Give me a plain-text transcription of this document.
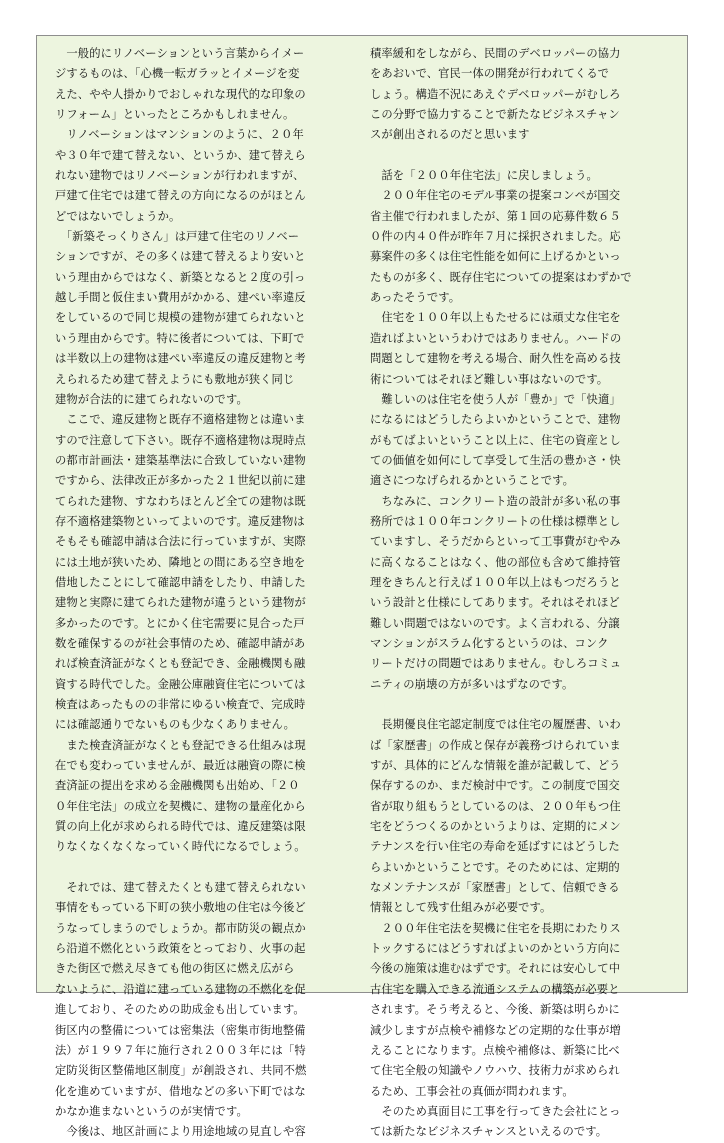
　一般的にリノベーションという言葉からイメー
ジするものは、「心機一転ガラッとイメージを変
えた、やや人掛かりでおしゃれな現代的な印象の
リフォーム」といったところかもしれません。
　リノベーションはマンションのように、２０年
や３０年で建て替えない、というか、建て替えら
れない建物ではリノベーションが行われますが、
戸建て住宅では建て替えの方向になるのがほとん
どではないでしょうか。
　「新築そっくりさん」は戸建て住宅のリノベー
ションですが、その多くは建て替えるより安いと
いう理由からではなく、新築となると２度の引っ
越し手間と仮住まい費用がかかる、建ぺい率違反
をしているので同じ規模の建物が建てられないと
いう理由からです。特に後者については、下町で
は半数以上の建物は建ぺい率違反の違反建物と考
えられるため建て替えようにも敷地が狭く同じ
建物が合法的に建てられないのです。
　ここで、違反建物と既存不適格建物とは違いま
すので注意して下さい。既存不適格建物は現時点
の都市計画法・建築基準法に合致していない建物
ですから、法律改正が多かった２１世紀以前に建
てられた建物、すなわちほとんど全ての建物は既
存不適格建築物といってよいのです。違反建物は
そもそも確認申請は合法に行っていますが、実際
には土地が狭いため、隣地との間にある空き地を
借地したことにして確認申請をしたり、申請した
建物と実際に建てられた建物が違うという建物が
多かったのです。とにかく住宅需要に見合った戸
数を確保するのが社会事情のため、確認申請があ
れば検査済証がなくとも登記でき、金融機関も融
資する時代でした。金融公庫融資住宅については
検査はあったものの非常にゆるい検査で、完成時
には確認通りでないものも少なくありません。
　また検査済証がなくとも登記できる仕組みは現
在でも変わっていませんが、最近は融資の際に検
査済証の提出を求める金融機関も出始め、「２０
０年住宅法」の成立を契機に、建物の量産化から
質の向上化が求められる時代では、違反建築は限
りなくなくなくなっていく時代になるでしょう。
　それでは、建て替えたくとも建て替えられない
事情をもっている下町の狭小敷地の住宅は今後ど
うなってしまうのでしょうか。都市防災の観点か
ら沿道不燃化という政策をとっており、火事の起
きた街区で燃え尽きても他の街区に燃え広がら
ないように、沿道に建っている建物の不燃化を促
進しており、そのための助成金も出しています。
街区内の整備については密集法（密集市街地整備
法）が１９９７年に施行され２００３年には「特
定防災街区整備地区制度」が創設され、共同不燃
化を進めていますが、借地などの多い下町ではな
かなか進まないというのが実情です。
　今後は、地区計画により用途地域の見直しや容
積率緩和をしながら、民間のデベロッパーの協力
をあおいで、官民一体の開発が行われてくるで
しょう。構造不況にあえぐデベロッパーがむしろ
この分野で協力することで新たなビジネスチャン
スが創出されるのだと思います
　話を「２００年住宅法」に戻しましょう。
　２００年住宅のモデル事業の提案コンペが国交
省主催で行われましたが、第１回の応募件数６５
０件の内４０件が昨年７月に採択されました。応
募案件の多くは住宅性能を如何に上げるかといっ
たものが多く、既存住宅についての提案はわずかで
あったそうです。
　住宅を１００年以上もたせるには頑丈な住宅を
造ればよいというわけではありません。ハードの
問題として建物を考える場合、耐久性を高める技
術についてはそれほど難しい事はないのです。
　難しいのは住宅を使う人が「豊か」で「快適」
になるにはどうしたらよいかということで、建物
がもてばよいということ以上に、住宅の資産とし
ての価値を如何にして享受して生活の豊かさ・快
適さにつなげられるかということです。
　ちなみに、コンクリート造の設計が多い私の事
務所では１００年コンクリートの仕様は標準とし
ていますし、そうだからといって工事費がむやみ
に高くなることはなく、他の部位も含めて維持管
理をきちんと行えば１００年以上はもつだろうと
いう設計と仕様にしてあります。それはそれほど
難しい問題ではないのです。よく言われる、分譲
マンションがスラム化するというのは、コンク
リートだけの問題ではありません。むしろコミュ
ニティの崩壊の方が多いはずなのです。
　長期優良住宅認定制度では住宅の履歴書、いわ
ば「家歴書」の作成と保存が義務づけられていま
すが、具体的にどんな情報を誰が記載して、どう
保存するのか、まだ検討中です。この制度で国交
省が取り組もうとしているのは、２００年もつ住
宅をどうつくるのかというよりは、定期的にメン
テナンスを行い住宅の寿命を延ばすにはどうした
らよいかということです。そのためには、定期的
なメンテナンスが「家歴書」として、信頼できる
情報として残す仕組みが必要です。
　２００年住宅法を契機に住宅を長期にわたりス
トックするにはどうすればよいのかという方向に
今後の施策は進むはずです。それには安心して中
古住宅を購入できる流通システムの構築が必要と
されます。そう考えると、今後、新築は明らかに
減少しますが点検や補修などの定期的な仕事が増
えることになります。点検や補修は、新築に比べ
て住宅全般の知識やノウハウ、技術力が求められ
るため、工事会社の真価が問われます。
　そのため真面目に工事を行ってきた会社にとっ
ては新たなビジネスチャンスといえるのです。
